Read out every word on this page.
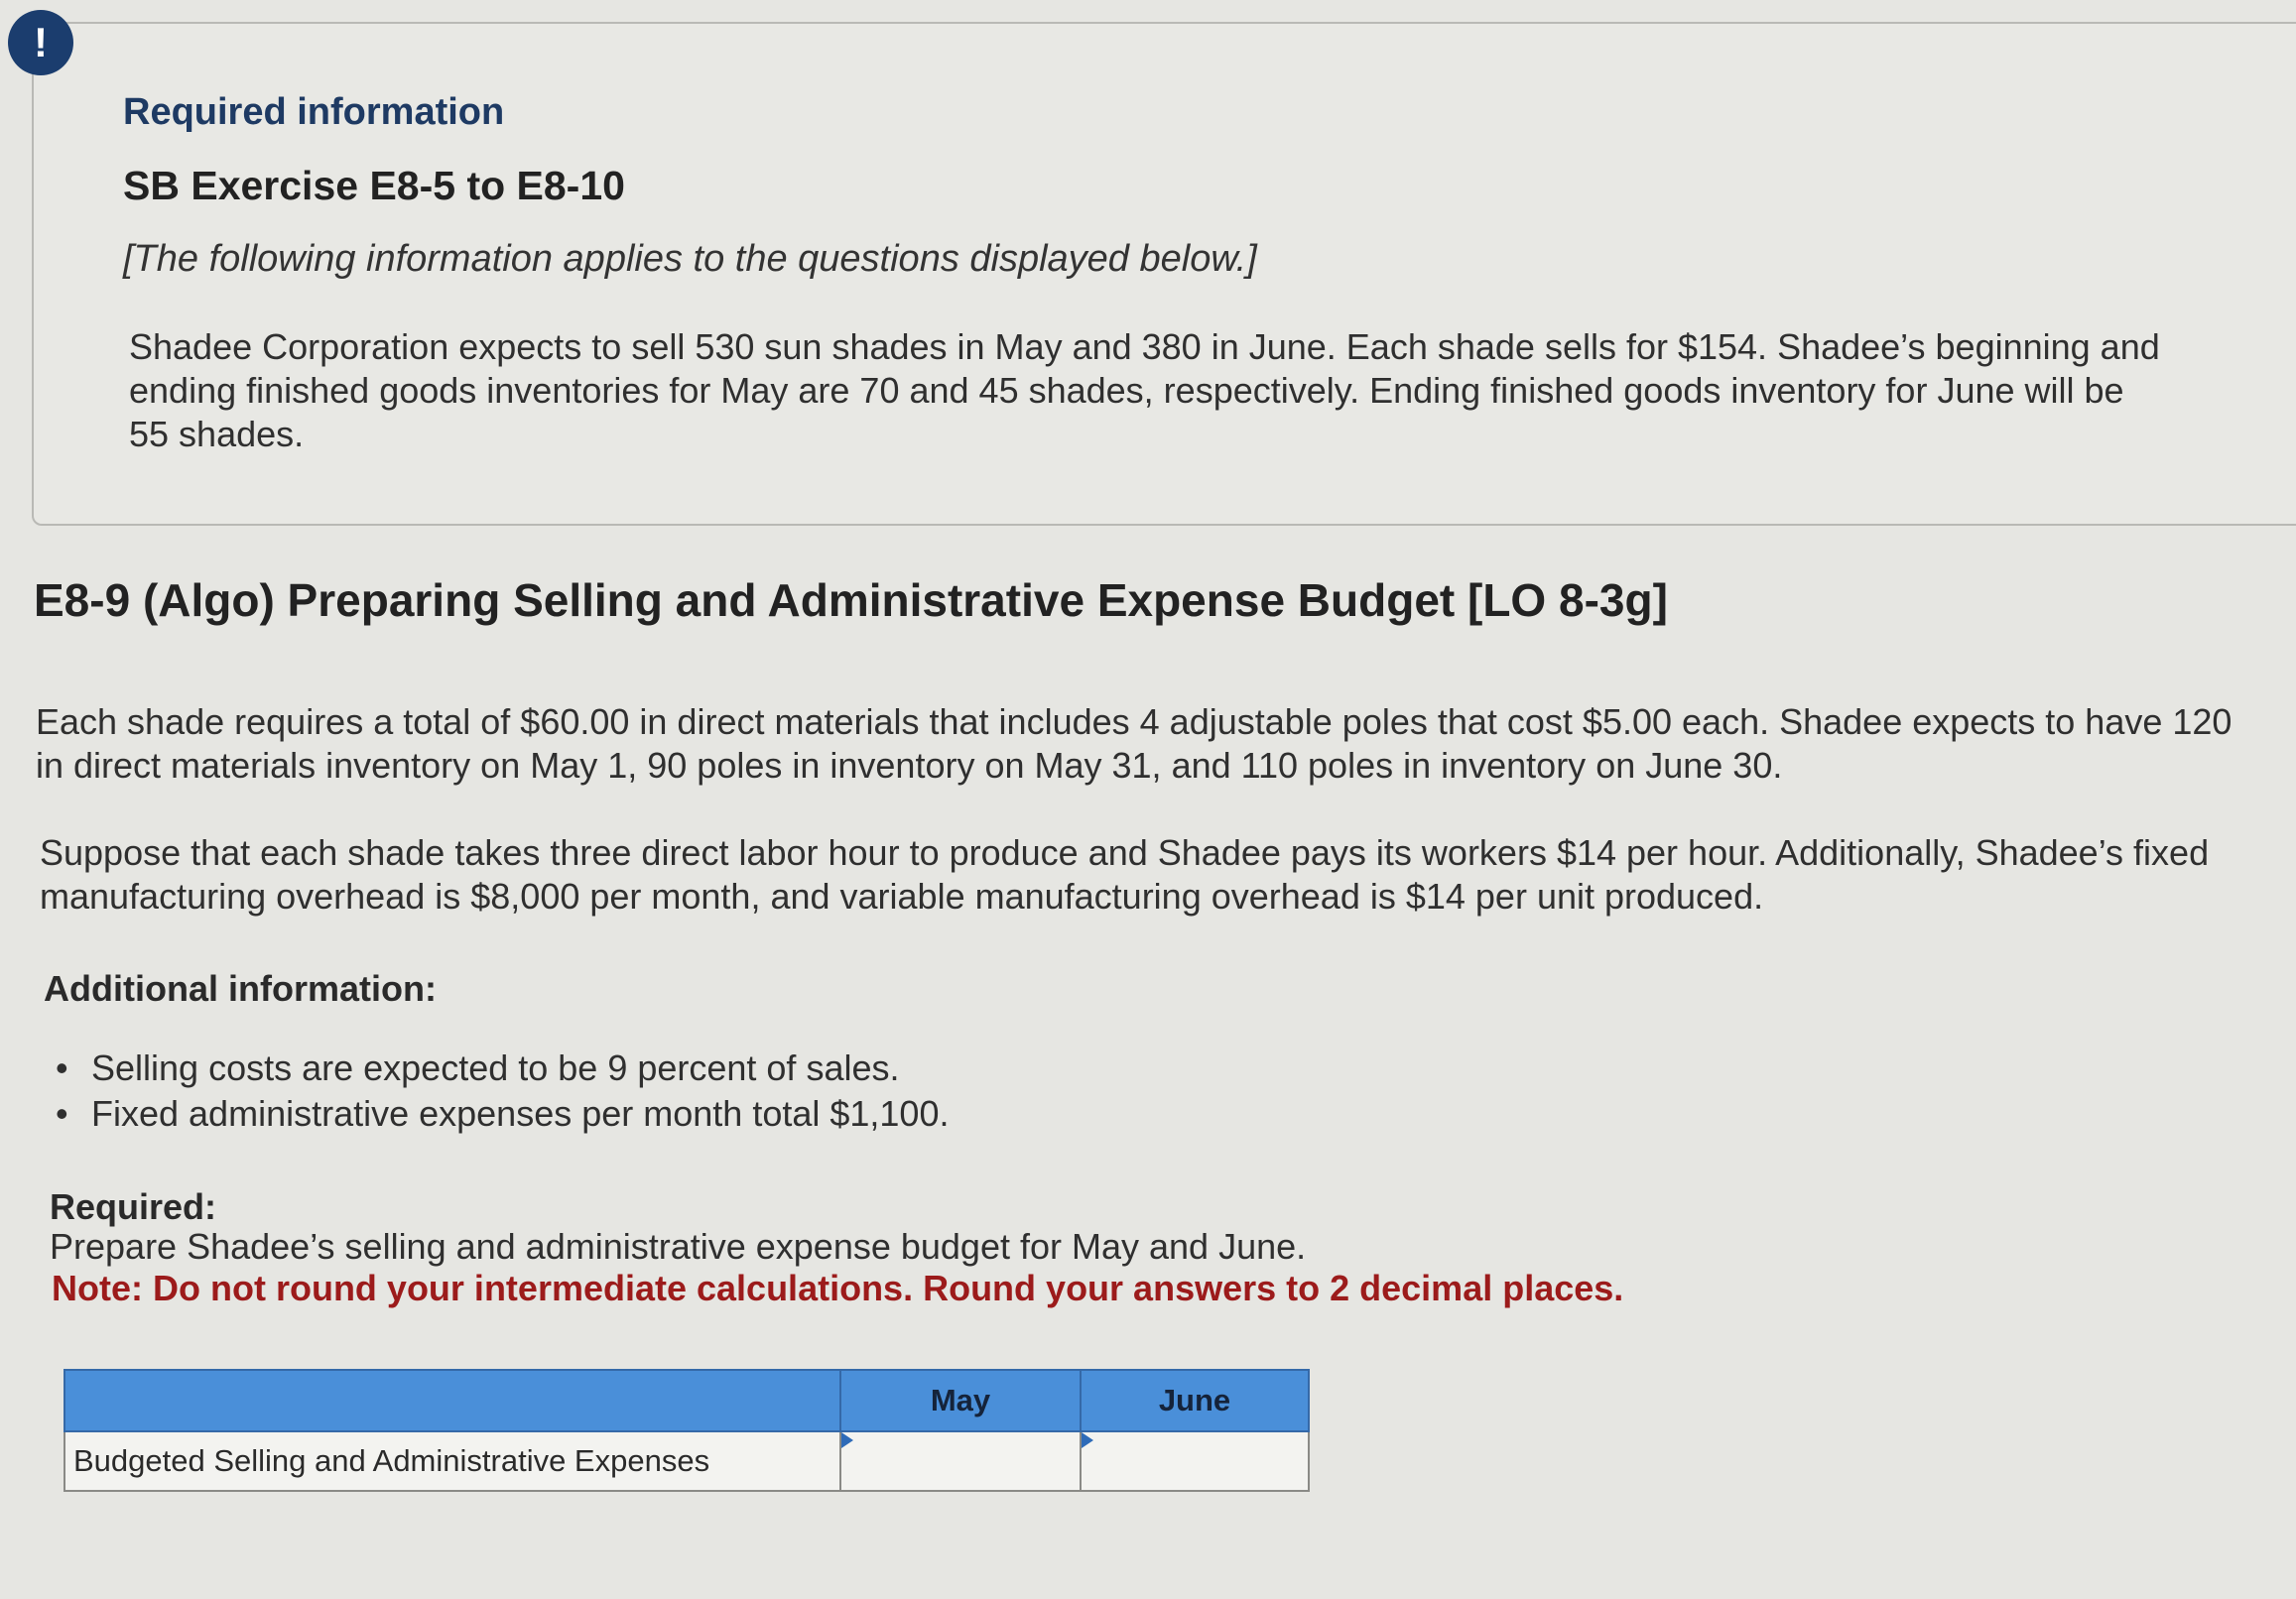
!
Required information
SB Exercise E8-5 to E8-10
[The following information applies to the questions displayed below.]
Shadee Corporation expects to sell 530 sun shades in May and 380 in June. Each shade sells for $154. Shadee’s beginning and ending finished goods inventories for May are 70 and 45 shades, respectively. Ending finished goods inventory for June will be 55 shades.
E8-9 (Algo) Preparing Selling and Administrative Expense Budget [LO 8-3g]
Each shade requires a total of $60.00 in direct materials that includes 4 adjustable poles that cost $5.00 each. Shadee expects to have 120 in direct materials inventory on May 1, 90 poles in inventory on May 31, and 110 poles in inventory on June 30.
Suppose that each shade takes three direct labor hour to produce and Shadee pays its workers $14 per hour. Additionally, Shadee’s fixed manufacturing overhead is $8,000 per month, and variable manufacturing overhead is $14 per unit produced.
Additional information:
• Selling costs are expected to be 9 percent of sales.
• Fixed administrative expenses per month total $1,100.
Required:
Prepare Shadee’s selling and administrative expense budget for May and June.
Note: Do not round your intermediate calculations. Round your answers to 2 decimal places.
	May	June
Budgeted Selling and Administrative Expenses		
